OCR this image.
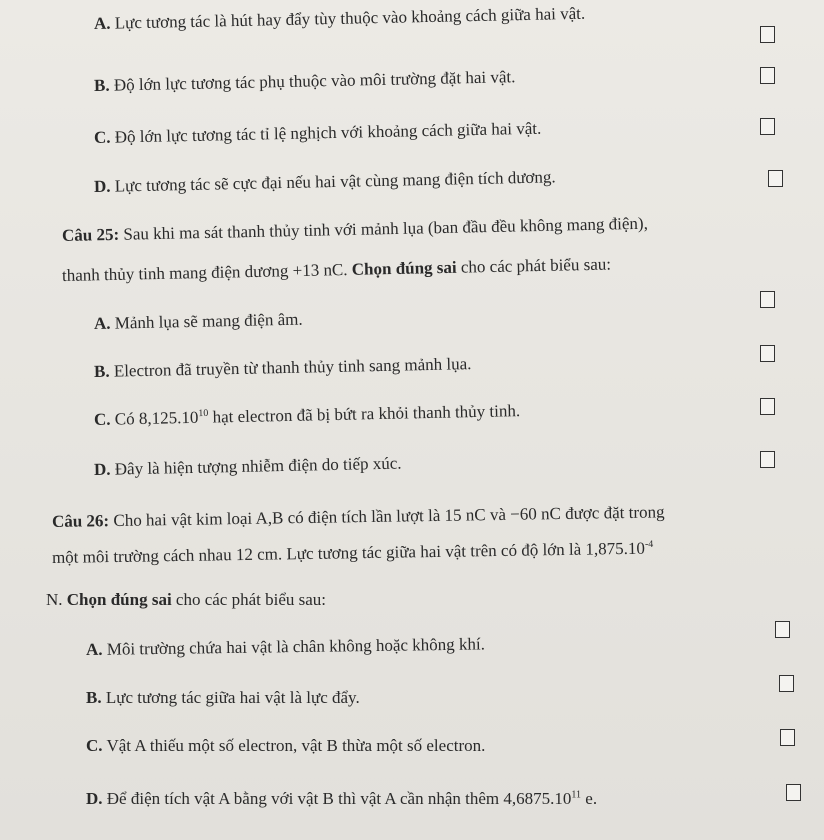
A. Lực tương tác là hút hay đẩy tùy thuộc vào khoảng cách giữa hai vật.
B. Độ lớn lực tương tác phụ thuộc vào môi trường đặt hai vật.
C. Độ lớn lực tương tác tỉ lệ nghịch với khoảng cách giữa hai vật.
D. Lực tương tác sẽ cực đại nếu hai vật cùng mang điện tích dương.
Câu 25: Sau khi ma sát thanh thủy tinh với mảnh lụa (ban đầu đều không mang điện),
thanh thủy tinh mang điện dương +13 nC. Chọn đúng sai cho các phát biểu sau:
A. Mảnh lụa sẽ mang điện âm.
B. Electron đã truyền từ thanh thủy tinh sang mảnh lụa.
C. Có 8,125.10$^{10}$ hạt electron đã bị bứt ra khỏi thanh thủy tinh.
D. Đây là hiện tượng nhiễm điện do tiếp xúc.
Câu 26: Cho hai vật kim loại A,B có điện tích lần lượt là 15 nC và −60 nC được đặt trong
một môi trường cách nhau 12 cm. Lực tương tác giữa hai vật trên có độ lớn là $1,875.10^{-4}$
N. Chọn đúng sai cho các phát biểu sau:
A. Môi trường chứa hai vật là chân không hoặc không khí.
B. Lực tương tác giữa hai vật là lực đẩy.
C. Vật A thiếu một số electron, vật B thừa một số electron.
D. Để điện tích vật A bằng với vật B thì vật A cần nhận thêm 4,6875.10$^{11}$ e.
